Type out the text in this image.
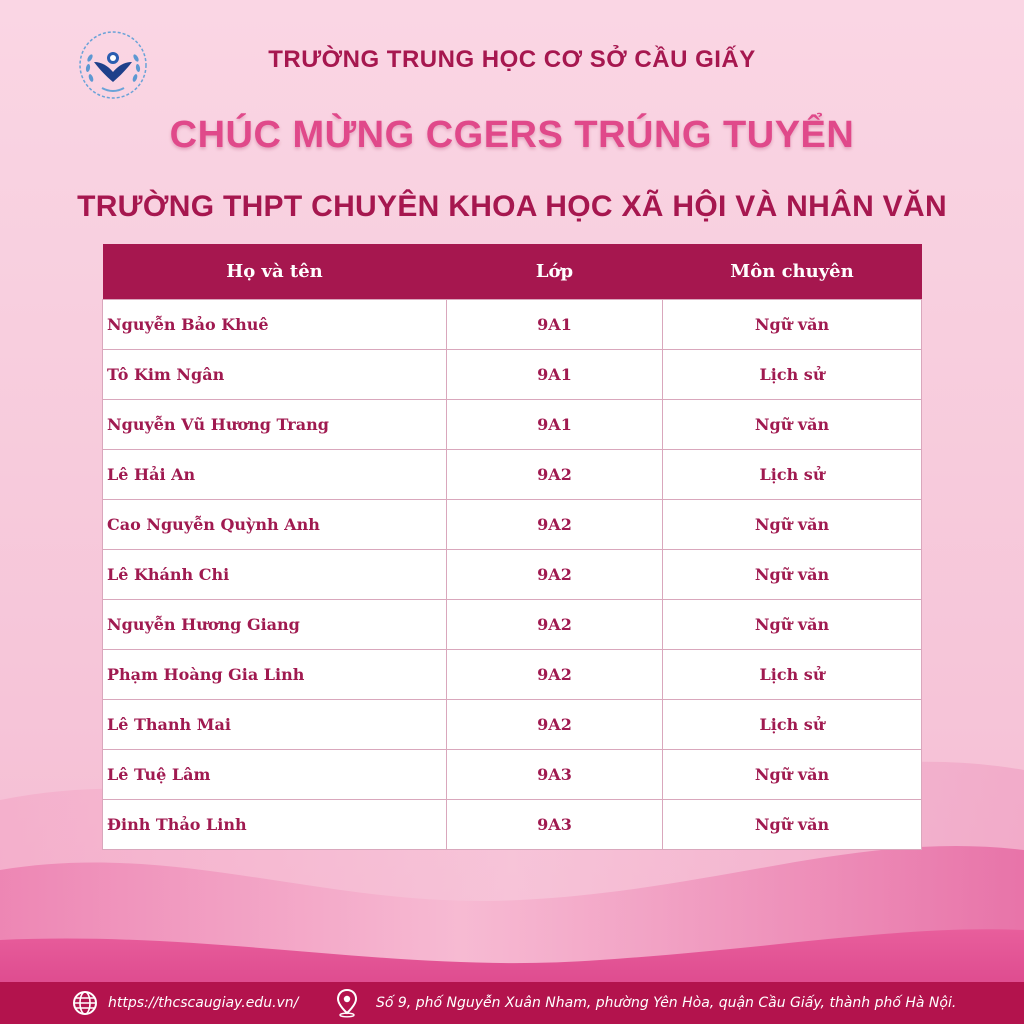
TRƯỜNG TRUNG HỌC CƠ SỞ CẦU GIẤY
CHÚC MỪNG CGERS TRÚNG TUYỂN
TRƯỜNG THPT CHUYÊN KHOA HỌC XÃ HỘI VÀ NHÂN VĂN
Họ và tên	Lớp	Môn chuyên
Nguyễn Bảo Khuê	9A1	Ngữ văn
Tô Kim Ngân	9A1	Lịch sử
Nguyễn Vũ Hương Trang	9A1	Ngữ văn
Lê Hải An	9A2	Lịch sử
Cao Nguyễn Quỳnh Anh	9A2	Ngữ văn
Lê Khánh Chi	9A2	Ngữ văn
Nguyễn Hương Giang	9A2	Ngữ văn
Phạm Hoàng Gia Linh	9A2	Lịch sử
Lê Thanh Mai	9A2	Lịch sử
Lê Tuệ Lâm	9A3	Ngữ văn
Đinh Thảo Linh	9A3	Ngữ văn
https://thcscaugiay.edu.vn/	Số 9, phố Nguyễn Xuân Nham, phường Yên Hòa, quận Cầu Giấy, thành phố Hà Nội.
